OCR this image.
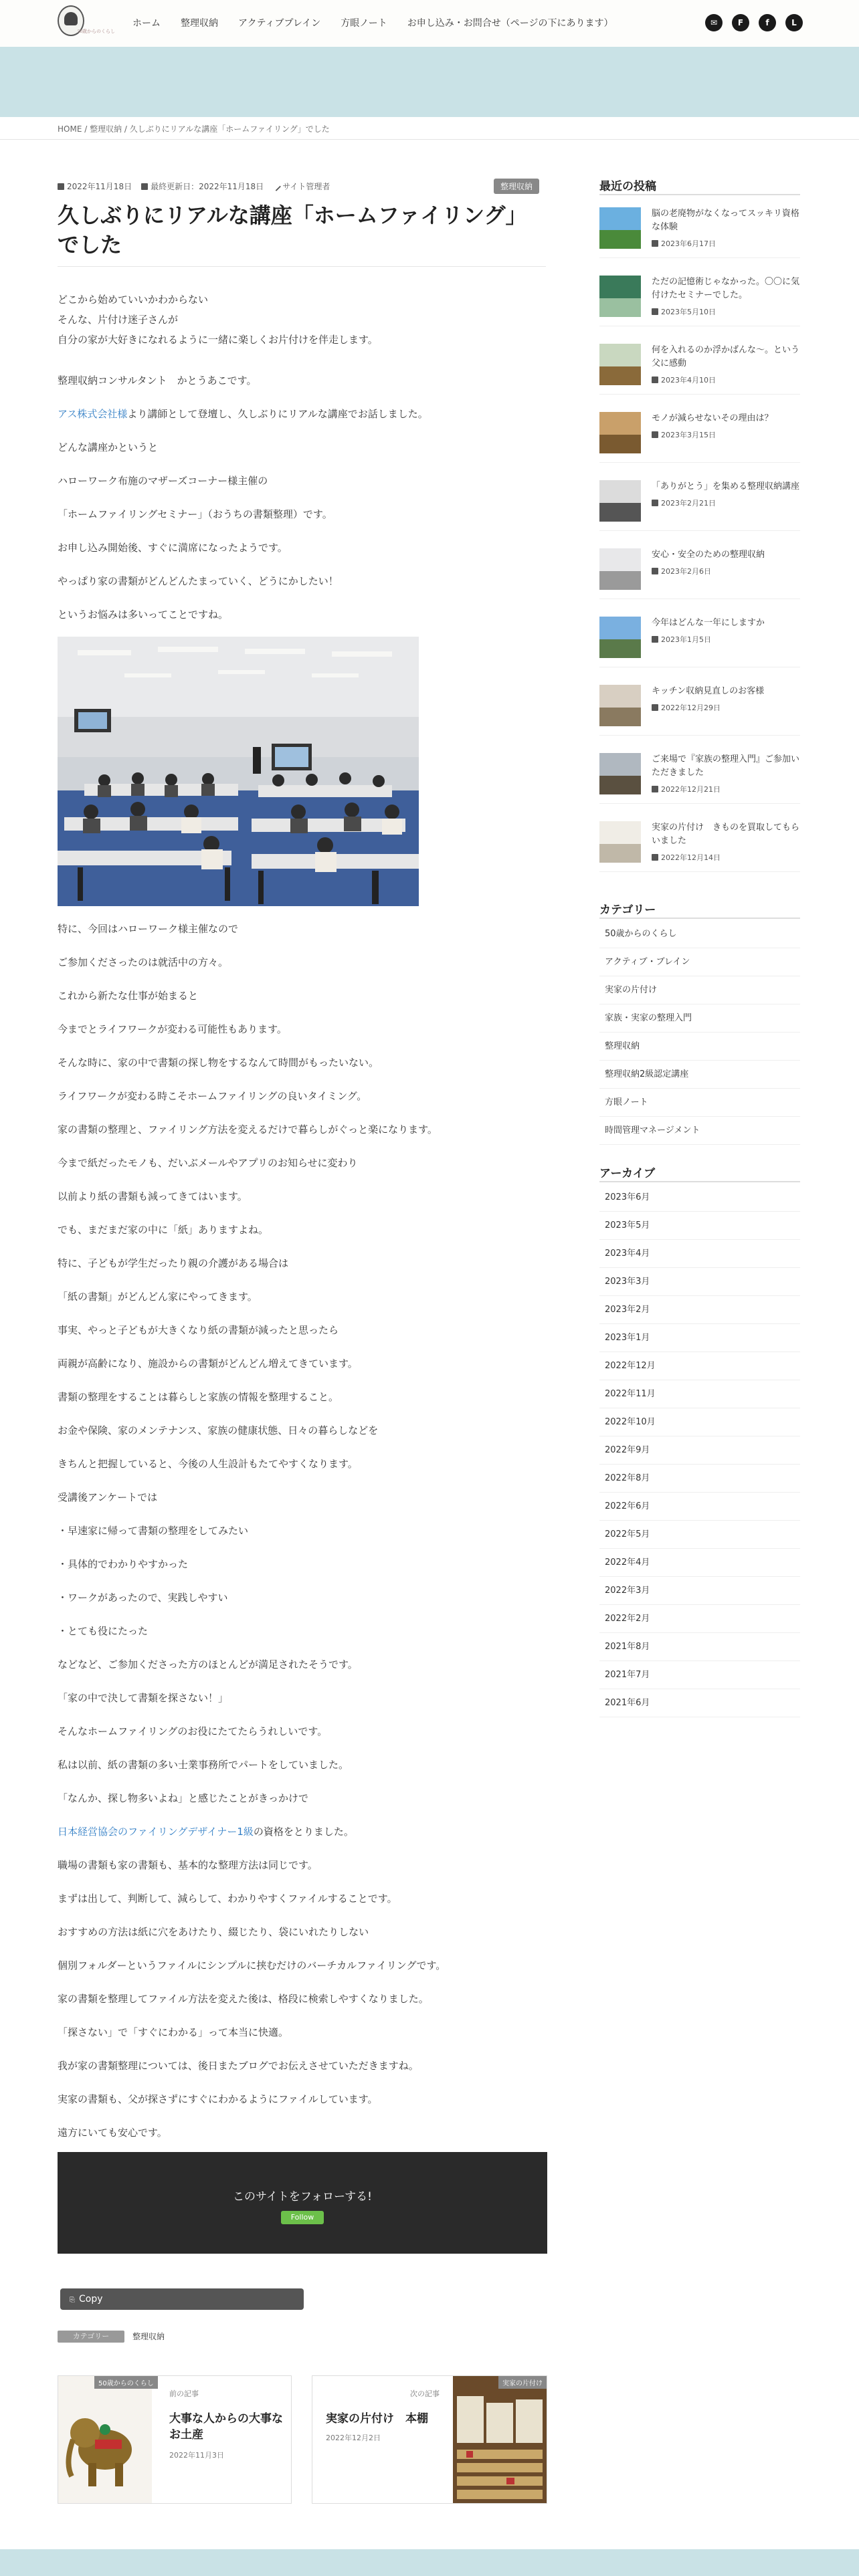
50歳からのくらし
ホーム 整理収納 アクティブプレイン 方眼ノート お申し込み・お問合せ（ページの下にあります）	✉	F	f	L
HOME / 整理収納 / 久しぶりにリアルな講座「ホームファイリング」でした
2022年11月18日 最終更新日：2022年11月18日 サイト管理者	整理収納
久しぶりにリアルな講座「ホームファイリング」でした

どこから始めていいかわからない

そんな、片付け迷子さんが

自分の家が大好きになれるように一緒に楽しくお片付けを伴走します。

整理収納コンサルタント　かとうあこです。

アス株式会社様より講師として登壇し、久しぶりにリアルな講座でお話しました。

どんな講座かというと

ハローワーク布施のマザーズコーナー様主催の

「ホームファイリングセミナー」（おうちの書類整理）です。

お申し込み開始後、すぐに満席になったようです。

やっぱり家の書類がどんどんたまっていく、どうにかしたい！

というお悩みは多いってことですね。

特に、今回はハローワーク様主催なので

ご参加くださったのは就活中の方々。

これから新たな仕事が始まると

今までとライフワークが変わる可能性もあります。

そんな時に、家の中で書類の探し物をするなんて時間がもったいない。

ライフワークが変わる時こそホームファイリングの良いタイミング。

家の書類の整理と、ファイリング方法を変えるだけで暮らしがぐっと楽になります。

今まで紙だったモノも、だいぶメールやアプリのお知らせに変わり

以前より紙の書類も減ってきてはいます。

でも、まだまだ家の中に「紙」ありますよね。

特に、子どもが学生だったり親の介護がある場合は

「紙の書類」がどんどん家にやってきます。

事実、やっと子どもが大きくなり紙の書類が減ったと思ったら

両親が高齢になり、施設からの書類がどんどん増えてきています。

書類の整理をすることは暮らしと家族の情報を整理すること。

お金や保険、家のメンテナンス、家族の健康状態、日々の暮らしなどを

きちんと把握していると、今後の人生設計もたてやすくなります。

受講後アンケートでは

・早速家に帰って書類の整理をしてみたい

・具体的でわかりやすかった

・ワークがあったので、実践しやすい

・とても役にたった

などなど、ご参加くださった方のほとんどが満足されたそうです。

「家の中で決して書類を探さない！」

そんなホームファイリングのお役にたてたらうれしいです。

私は以前、紙の書類の多い士業事務所でパートをしていました。

「なんか、探し物多いよね」と感じたことがきっかけで

日本経営協会のファイリングデザイナー1級の資格をとりました。

職場の書類も家の書類も、基本的な整理方法は同じです。

まずは出して、判断して、減らして、わかりやすくファイルすることです。

おすすめの方法は紙に穴をあけたり、綴じたり、袋にいれたりしない

個別フォルダーというファイルにシンプルに挟むだけのバーチカルファイリングです。

家の書類を整理してファイル方法を変えた後は、格段に検索しやすくなりました。

「探さない」で「すぐにわかる」って本当に快適。

我が家の書類整理については、後日またブログでお伝えさせていただきますね。

実家の書類も、父が探さずにすぐにわかるようにファイルしています。

遠方にいても安心です。

このサイトをフォローする!
Follow
⎘ Copy
カテゴリー	整理収納
50歳からのくらし
前の記事
大事な人からの大事なお土産
2022年11月3日
次の記事
実家の片付け　本棚
2022年12月2日
実家の片付け
最近の投稿
脳の老廃物がなくなってスッキリ資格な体験
2023年6月17日
ただの記憶術じゃなかった。〇〇に気付けたセミナーでした。
2023年5月10日
何を入れるのか浮かばんな～。という父に感動
2023年4月10日
モノが減らせないその理由は？
2023年3月15日
「ありがとう」を集める整理収納講座
2023年2月21日
安心・安全のための整理収納
2023年2月6日
今年はどんな一年にしますか
2023年1月5日
キッチン収納見直しのお客様
2022年12月29日
ご来場で『家族の整理入門』ご参加いただきました
2022年12月21日
実家の片付け　きものを買取してもらいました
2022年12月14日
カテゴリー
50歳からのくらし
アクティブ・ブレイン
実家の片付け
家族・実家の整理入門
整理収納
整理収納2級認定講座
方眼ノート
時間管理マネージメント
アーカイブ
2023年6月
2023年5月
2023年4月
2023年3月
2023年2月
2023年1月
2022年12月
2022年11月
2022年10月
2022年9月
2022年8月
2022年6月
2022年5月
2022年4月
2022年3月
2022年2月
2021年8月
2021年7月
2021年6月
